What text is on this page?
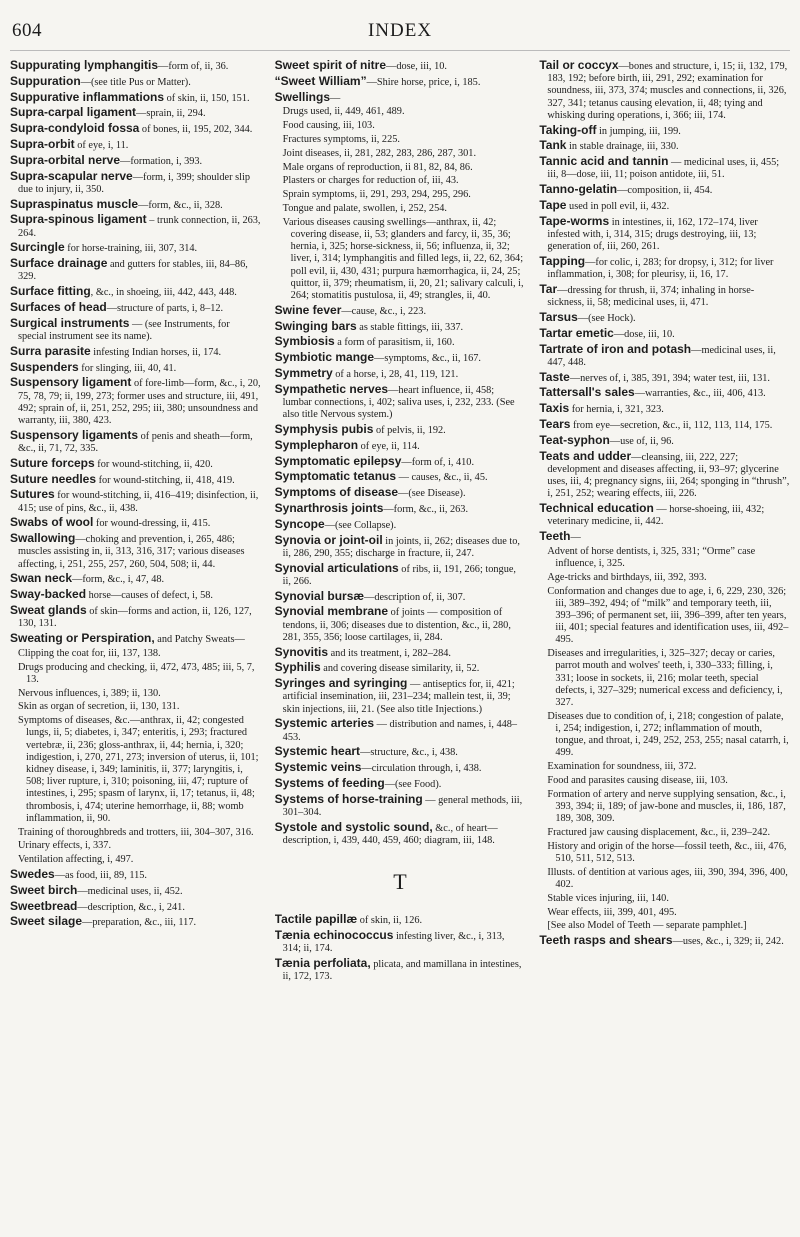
604	INDEX
Suppurating lymphangitis—form of, ii, 36.
Suppuration—(see title Pus or Matter).
Suppurative inflammations of skin, ii, 150, 151.
Supra-carpal ligament—sprain, ii, 294.
Supra-condyloid fossa of bones, ii, 195, 202, 344.
Supra-orbit of eye, i, 11.
Supra-orbital nerve—formation, i, 393.
Supra-scapular nerve—form, i, 399; shoulder slip due to injury, ii, 350.
Supraspinatus muscle—form, &c., ii, 328.
Supra-spinous ligament – trunk connection, ii, 263, 264.
Surcingle for horse-training, iii, 307, 314.
Surface drainage and gutters for stables, iii, 84–86, 329.
Surface fitting, &c., in shoeing, iii, 442, 443, 448.
Surfaces of head—structure of parts, i, 8–12.
Surgical instruments — (see Instruments, for special instrument see its name).
Surra parasite infesting Indian horses, ii, 174.
Suspenders for slinging, iii, 40, 41.
Suspensory ligament of fore-limb—form, &c., i, 20, 75, 78, 79; ii, 199, 273; former uses and structure, iii, 491, 492; sprain of, ii, 251, 252, 295; iii, 380; unsoundness and warranty, iii, 380, 423.
Suspensory ligaments of penis and sheath—form, &c., ii, 71, 72, 335.
Suture forceps for wound-stitching, ii, 420.
Suture needles for wound-stitching, ii, 418, 419.
Sutures for wound-stitching, ii, 416–419; disinfection, ii, 415; use of pins, &c., ii, 438.
Swabs of wool for wound-dressing, ii, 415.
Swallowing—choking and prevention, i, 265, 486; muscles assisting in, ii, 313, 316, 317; various diseases affecting, i, 251, 255, 257, 260, 504, 508; ii, 44.
Swan neck—form, &c., i, 47, 48.
Sway-backed horse—causes of defect, i, 58.
Sweat glands of skin—forms and action, ii, 126, 127, 130, 131.
Sweating or Perspiration, and Patchy Sweats—
Clipping the coat for, iii, 137, 138.
Drugs producing and checking, ii, 472, 473, 485; iii, 5, 7, 13.
Nervous influences, i, 389; ii, 130.
Skin as organ of secretion, ii, 130, 131.
Symptoms of diseases, &c.—anthrax, ii, 42; congested lungs, ii, 5; diabetes, i, 347; enteritis, i, 293; fractured vertebræ, ii, 236; gloss-anthrax, ii, 44; hernia, i, 320; indigestion, i, 270, 271, 273; inversion of uterus, ii, 101; kidney disease, i, 349; laminitis, ii, 377; laryngitis, i, 508; liver rupture, i, 310; poisoning, iii, 47; rupture of intestines, i, 295; spasm of larynx, ii, 17; tetanus, ii, 48; thrombosis, i, 474; uterine hemorrhage, ii, 88; womb inflammation, ii, 90.
Training of thoroughbreds and trotters, iii, 304–307, 316.
Urinary effects, i, 337.
Ventilation affecting, i, 497.
Swedes—as food, iii, 89, 115.
Sweet birch—medicinal uses, ii, 452.
Sweetbread—description, &c., i, 241.
Sweet silage—preparation, &c., iii, 117.
Sweet spirit of nitre—dose, iii, 10.
“Sweet William”—Shire horse, price, i, 185.
Swellings—
Drugs used, ii, 449, 461, 489.
Food causing, iii, 103.
Fractures symptoms, ii, 225.
Joint diseases, ii, 281, 282, 283, 286, 287, 301.
Male organs of reproduction, ii 81, 82, 84, 86.
Plasters or charges for reduction of, iii, 43.
Sprain symptoms, ii, 291, 293, 294, 295, 296.
Tongue and palate, swollen, i, 252, 254.
Various diseases causing swellings—anthrax, ii, 42; covering disease, ii, 53; glanders and farcy, ii, 35, 36; hernia, i, 325; horse-sickness, ii, 56; influenza, ii, 32; liver, i, 314; lymphangitis and filled legs, ii, 22, 62, 364; poll evil, ii, 430, 431; purpura hæmorrhagica, ii, 24, 25; quittor, ii, 379; rheumatism, ii, 20, 21; salivary calculi, i, 264; stomatitis pustulosa, ii, 49; strangles, ii, 40.
Swine fever—cause, &c., i, 223.
Swinging bars as stable fittings, iii, 337.
Symbiosis a form of parasitism, ii, 160.
Symbiotic mange—symptoms, &c., ii, 167.
Symmetry of a horse, i, 28, 41, 119, 121.
Sympathetic nerves—heart influence, ii, 458; lumbar connections, i, 402; saliva uses, i, 232, 233. (See also title Nervous system.)
Symphysis pubis of pelvis, ii, 192.
Symplepharon of eye, ii, 114.
Symptomatic epilepsy—form of, i, 410.
Symptomatic tetanus — causes, &c., ii, 45.
Symptoms of disease—(see Disease).
Synarthrosis joints—form, &c., ii, 263.
Syncope—(see Collapse).
Synovia or joint-oil in joints, ii, 262; diseases due to, ii, 286, 290, 355; discharge in fracture, ii, 247.
Synovial articulations of ribs, ii, 191, 266; tongue, ii, 266.
Synovial bursæ—description of, ii, 307.
Synovial membrane of joints — composition of tendons, ii, 306; diseases due to distention, &c., ii, 280, 281, 355, 356; loose cartilages, ii, 284.
Synovitis and its treatment, i, 282–284.
Syphilis and covering disease similarity, ii, 52.
Syringes and syringing — antiseptics for, ii, 421; artificial insemination, iii, 231–234; mallein test, ii, 39; skin injections, iii, 21. (See also title Injections.)
Systemic arteries — distribution and names, i, 448–453.
Systemic heart—structure, &c., i, 438.
Systemic veins—circulation through, i, 438.
Systems of feeding—(see Food).
Systems of horse-training — general methods, iii, 301–304.
Systole and systolic sound, &c., of heart—description, i, 439, 440, 459, 460; diagram, iii, 148.
T
Tactile papillæ of skin, ii, 126.
Tænia echinococcus infesting liver, &c., i, 313, 314; ii, 174.
Tænia perfoliata, plicata, and mamillana in intestines, ii, 172, 173.
Tail or coccyx—bones and structure, i, 15; ii, 132, 179, 183, 192; before birth, iii, 291, 292; examination for soundness, iii, 373, 374; muscles and connections, ii, 326, 327, 341; tetanus causing elevation, ii, 48; tying and whisking during operations, i, 366; iii, 174.
Taking-off in jumping, iii, 199.
Tank in stable drainage, iii, 330.
Tannic acid and tannin — medicinal uses, ii, 455; iii, 8—dose, iii, 11; poison antidote, iii, 51.
Tanno-gelatin—composition, ii, 454.
Tape used in poll evil, ii, 432.
Tape-worms in intestines, ii, 162, 172–174, liver infested with, i, 314, 315; drugs destroying, iii, 13; generation of, iii, 260, 261.
Tapping—for colic, i, 283; for dropsy, i, 312; for liver inflammation, i, 308; for pleurisy, ii, 16, 17.
Tar—dressing for thrush, ii, 374; inhaling in horse-sickness, ii, 58; medicinal uses, ii, 471.
Tarsus—(see Hock).
Tartar emetic—dose, iii, 10.
Tartrate of iron and potash—medicinal uses, ii, 447, 448.
Taste—nerves of, i, 385, 391, 394; water test, iii, 131.
Tattersall's sales—warranties, &c., iii, 406, 413.
Taxis for hernia, i, 321, 323.
Tears from eye—secretion, &c., ii, 112, 113, 114, 175.
Teat-syphon—use of, ii, 96.
Teats and udder—cleansing, iii, 222, 227; development and diseases affecting, ii, 93–97; glycerine uses, iii, 4; pregnancy signs, iii, 264; sponging in “thrush”, i, 251, 252; wearing effects, iii, 226.
Technical education — horse-shoeing, iii, 432; veterinary medicine, ii, 442.
Teeth—
Advent of horse dentists, i, 325, 331; “Orme” case influence, i, 325.
Age-tricks and birthdays, iii, 392, 393.
Conformation and changes due to age, i, 6, 229, 230, 326; iii, 389–392, 494; of “milk” and temporary teeth, iii, 393–396; of permanent set, iii, 396–399, after ten years, iii, 401; special features and identification uses, iii, 492–495.
Diseases and irregularities, i, 325–327; decay or caries, parrot mouth and wolves' teeth, i, 330–333; filling, i, 331; loose in sockets, ii, 216; molar teeth, special defects, i, 327–329; numerical excess and deficiency, i, 327.
Diseases due to condition of, i, 218; congestion of palate, i, 254; indigestion, i, 272; inflammation of mouth, tongue, and throat, i, 249, 252, 253, 255; nasal catarrh, i, 499.
Examination for soundness, iii, 372.
Food and parasites causing disease, iii, 103.
Formation of artery and nerve supplying sensation, &c., i, 393, 394; ii, 189; of jaw-bone and muscles, ii, 186, 187, 189, 308, 309.
Fractured jaw causing displacement, &c., ii, 239–242.
History and origin of the horse—fossil teeth, &c., iii, 476, 510, 511, 512, 513.
Illusts. of dentition at various ages, iii, 390, 394, 396, 400, 402.
Stable vices injuring, iii, 140.
Wear effects, iii, 399, 401, 495.
[See also Model of Teeth — separate pamphlet.]
Teeth rasps and shears—uses, &c., i, 329; ii, 242.
